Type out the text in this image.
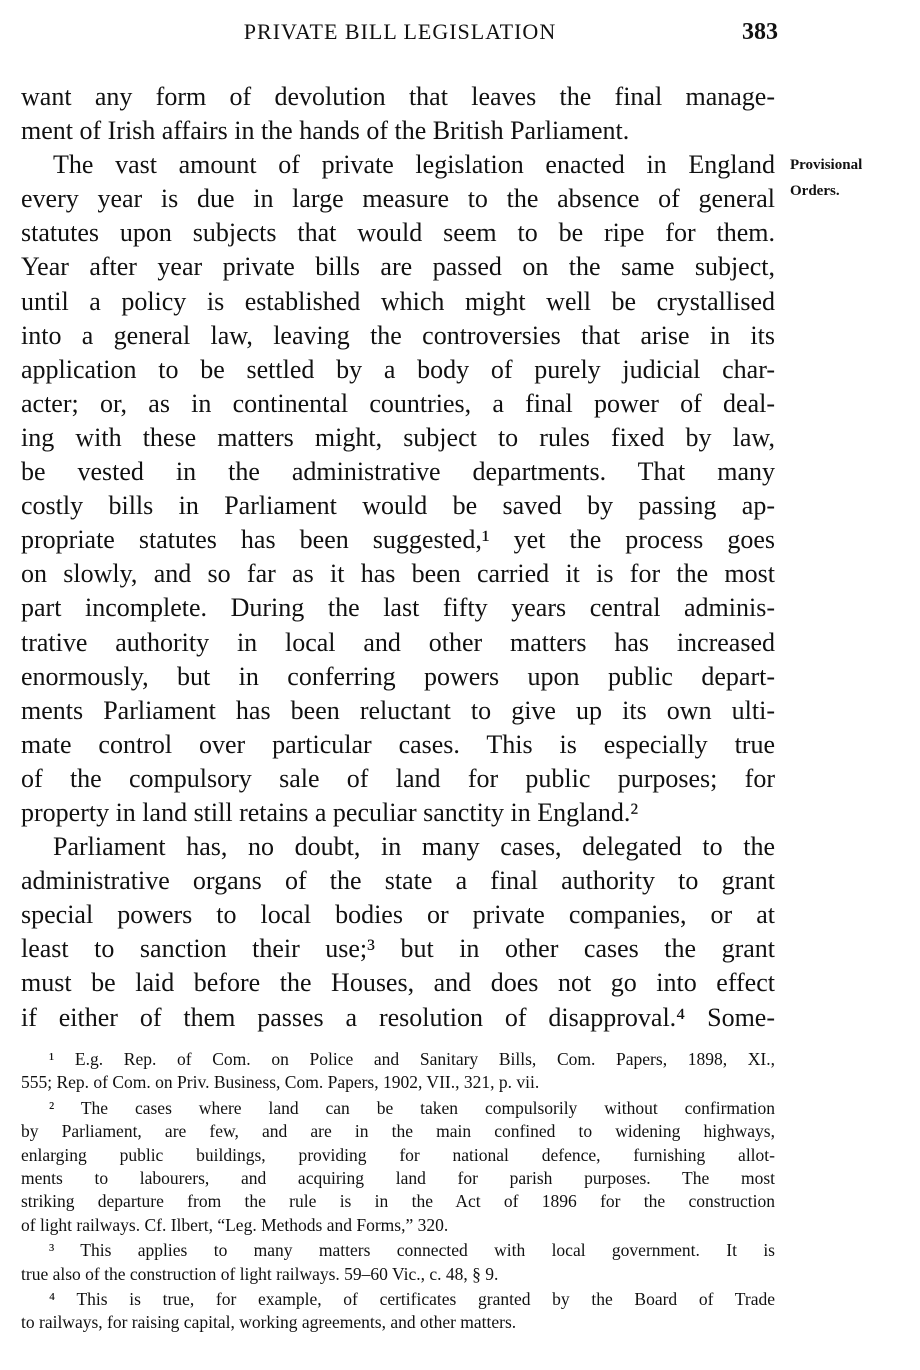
PRIVATE BILL LEGISLATION	383
Provisional
Orders.
want any form of devolution that leaves the final manage-
ment of Irish affairs in the hands of the British Parliament.
The vast amount of private legislation enacted in England
every year is due in large measure to the absence of general
statutes upon subjects that would seem to be ripe for them.
Year after year private bills are passed on the same subject,
until a policy is established which might well be crystallised
into a general law, leaving the controversies that arise in its
application to be settled by a body of purely judicial char-
acter; or, as in continental countries, a final power of deal-
ing with these matters might, subject to rules fixed by law,
be vested in the administrative departments. That many
costly bills in Parliament would be saved by passing ap-
propriate statutes has been suggested,¹ yet the process goes
on slowly, and so far as it has been carried it is for the most
part incomplete. During the last fifty years central adminis-
trative authority in local and other matters has increased
enormously, but in conferring powers upon public depart-
ments Parliament has been reluctant to give up its own ulti-
mate control over particular cases. This is especially true
of the compulsory sale of land for public purposes; for
property in land still retains a peculiar sanctity in England.²
Parliament has, no doubt, in many cases, delegated to the
administrative organs of the state a final authority to grant
special powers to local bodies or private companies, or at
least to sanction their use;³ but in other cases the grant
must be laid before the Houses, and does not go into effect
if either of them passes a resolution of disapproval.⁴ Some-
¹ E.g. Rep. of Com. on Police and Sanitary Bills, Com. Papers, 1898, XI.,
555; Rep. of Com. on Priv. Business, Com. Papers, 1902, VII., 321, p. vii.
² The cases where land can be taken compulsorily without confirmation
by Parliament, are few, and are in the main confined to widening highways,
enlarging public buildings, providing for national defence, furnishing allot-
ments to labourers, and acquiring land for parish purposes. The most
striking departure from the rule is in the Act of 1896 for the construction
of light railways. Cf. Ilbert, “Leg. Methods and Forms,” 320.
³ This applies to many matters connected with local government. It is
true also of the construction of light railways. 59–60 Vic., c. 48, § 9.
⁴ This is true, for example, of certificates granted by the Board of Trade
to railways, for raising capital, working agreements, and other matters.
